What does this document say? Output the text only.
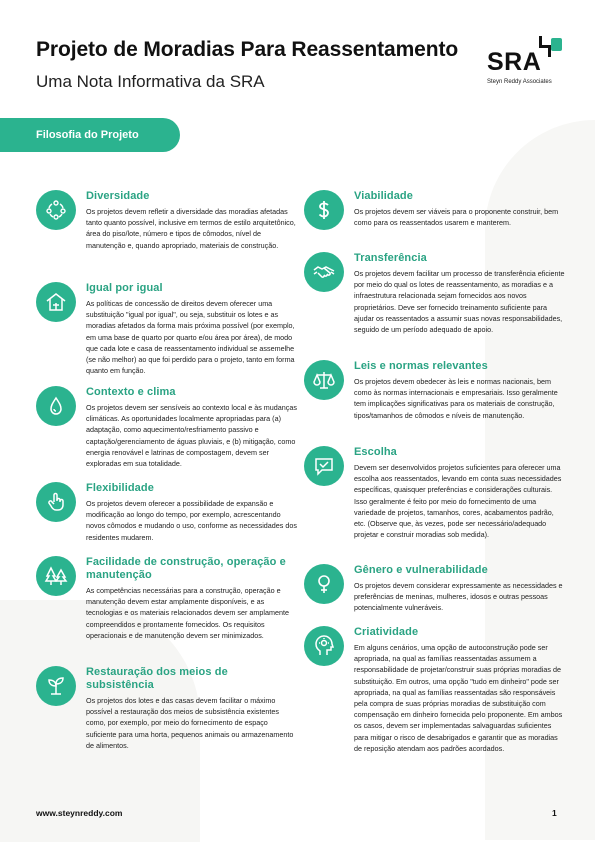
Projeto de Moradias Para Reassentamento
Uma Nota Informativa da SRA
SRA
Steyn Reddy Associates
Filosofia do Projeto
Diversidade
Os projetos devem refletir a diversidade das moradias afetadas tanto quanto possível, inclusive em termos de estilo arquitetônico, área do piso/lote, número e tipos de cômodos, nível de manutenção e, quando apropriado, materiais de construção.
Igual por igual
As políticas de concessão de direitos devem oferecer uma substituição "igual por igual", ou seja, substituir os lotes e as moradias afetados da forma mais próxima possível (por exemplo, em uma base de quarto por quarto e/ou área por área), de modo que cada lote e casa de reassentamento individual se assemelhe (se não melhor) ao que foi perdido para o projeto, tanto em forma quanto em função.
Contexto e clima
Os projetos devem ser sensíveis ao contexto local e às mudanças climáticas. As oportunidades localmente apropriadas para (a) adaptação, como aquecimento/resfriamento passivo e captação/gerenciamento de águas pluviais, e (b) mitigação, como energia renovável e latrinas de compostagem, devem ser exploradas em sua totalidade.
Flexibilidade
Os projetos devem oferecer a possibilidade de expansão e modificação ao longo do tempo, por exemplo, acrescentando novos cômodos e mudando o uso, conforme as necessidades dos residentes mudarem.
Facilidade de construção, operação e manutenção
As competências necessárias para a construção, operação e manutenção devem estar amplamente disponíveis, e as tecnologias e os materiais relacionados devem ser amplamente compreendidos e prontamente fornecidos. Os requisitos operacionais e de manutenção devem ser minimizados.
Restauração dos meios de subsistência
Os projetos dos lotes e das casas devem facilitar o máximo possível a restauração dos meios de subsistência existentes como, por exemplo, por meio do fornecimento de espaço suficiente para uma horta, pequenos animais ou armazenamento de alimentos.
Viabilidade
Os projetos devem ser viáveis para o proponente construir, bem como para os reassentados usarem e manterem.
Transferência
Os projetos devem facilitar um processo de transferência eficiente por meio do qual os lotes de reassentamento, as moradias e a infraestrutura relacionada sejam fornecidos aos novos proprietários. Deve ser fornecido treinamento suficiente para ajudar os reassentados a assumir suas novas responsabilidades, seguido de um período adequado de apoio.
Leis e normas relevantes
Os projetos devem obedecer às leis e normas nacionais, bem como às normas internacionais e empresariais. Isso geralmente tem implicações significativas para os materiais de construção, tipos/tamanhos de cômodos e níveis de manutenção.
Escolha
Devem ser desenvolvidos projetos suficientes para oferecer uma escolha aos reassentados, levando em conta suas necessidades específicas, quaisquer preferências e considerações culturais. Isso geralmente é feito por meio do fornecimento de uma variedade de projetos, tamanhos, cores, acabamentos padrão, etc. (Observe que, às vezes, pode ser necessário/adequado projetar e construir moradias sob medida).
Gênero e vulnerabilidade
Os projetos devem considerar expressamente as necessidades e preferências de meninas, mulheres, idosos e outras pessoas potencialmente vulneráveis.
Criatividade
Em alguns cenários, uma opção de autoconstrução pode ser apropriada, na qual as famílias reassentadas assumem a responsabilidade de projetar/construir suas próprias moradias de substituição. Em outros, uma opção "tudo em dinheiro" pode ser apropriada, na qual as famílias reassentadas são responsáveis pela compra de suas próprias moradias de substituição com compensação em dinheiro fornecida pelo proponente. Em ambos os casos, devem ser implementadas salvaguardas suficientes para mitigar o risco de desabrigados e garantir que as moradias de reposição atendam aos padrões acordados.
www.steynreddy.com	1
